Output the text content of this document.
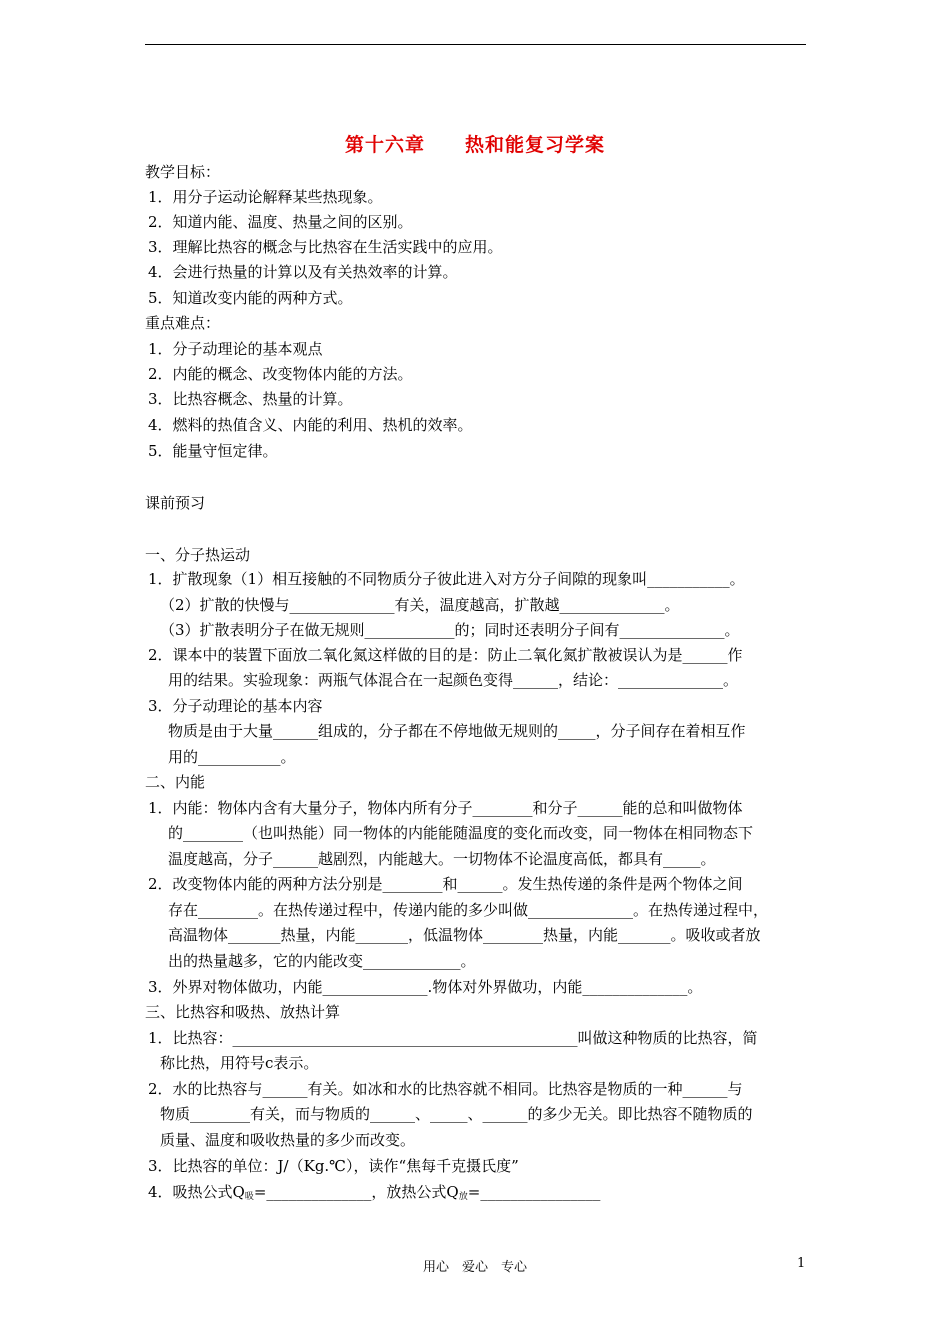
第十六章 热和能复习学案
教学目标：
1．用分子运动论解释某些热现象。
2．知道内能、温度、热量之间的区别。
3．理解比热容的概念与比热容在生活实践中的应用。
4．会进行热量的计算以及有关热效率的计算。
5．知道改变内能的两种方式。
重点难点：
1．分子动理论的基本观点
2．内能的概念、改变物体内能的方法。
3．比热容概念、热量的计算。
4．燃料的热值含义、内能的利用、热机的效率。
5．能量守恒定律。
课前预习
一、分子热运动
1．扩散现象（1）相互接触的不同物质分子彼此进入对方分子间隙的现象叫___________。
（2）扩散的快慢与______________有关，温度越高，扩散越______________。
（3）扩散表明分子在做无规则____________的；同时还表明分子间有______________。
2．课本中的装置下面放二氧化氮这样做的目的是：防止二氧化氮扩散被误认为是______作
用的结果。实验现象：两瓶气体混合在一起颜色变得______，结论：______________。
3．分子动理论的基本内容
物质是由于大量______组成的，分子都在不停地做无规则的_____，分子间存在着相互作
用的___________。
二、内能
1．内能：物体内含有大量分子，物体内所有分子________和分子______能的总和叫做物体
的________（也叫热能）同一物体的内能能随温度的变化而改变，同一物体在相同物态下
温度越高，分子______越剧烈，内能越大。一切物体不论温度高低，都具有_____。
2．改变物体内能的两种方法分别是________和______。发生热传递的条件是两个物体之间
存在________。在热传递过程中，传递内能的多少叫做______________。在热传递过程中，
高温物体_______热量，内能_______，低温物体________热量，内能_______。吸收或者放
出的热量越多，它的内能改变_____________。
3．外界对物体做功，内能______________.物体对外界做功，内能______________。
三、比热容和吸热、放热计算
1．比热容：______________________________________________叫做这种物质的比热容，简
称比热，用符号c表示。
2．水的比热容与______有关。如冰和水的比热容就不相同。比热容是物质的一种______与
物质________有关，而与物质的______、_____、______的多少无关。即比热容不随物质的
质量、温度和吸收热量的多少而改变。
3．比热容的单位：J/（Kg.℃），读作“焦每千克摄氏度”
4．吸热公式$Q_吸=\_\_\_\_\_\_\_\_\_\_\_\_\_\_$，放热公式$Q_放=\_\_\_\_\_\_\_\_\_\_\_\_\_\_\_\_$
用心　爱心　专心	1
